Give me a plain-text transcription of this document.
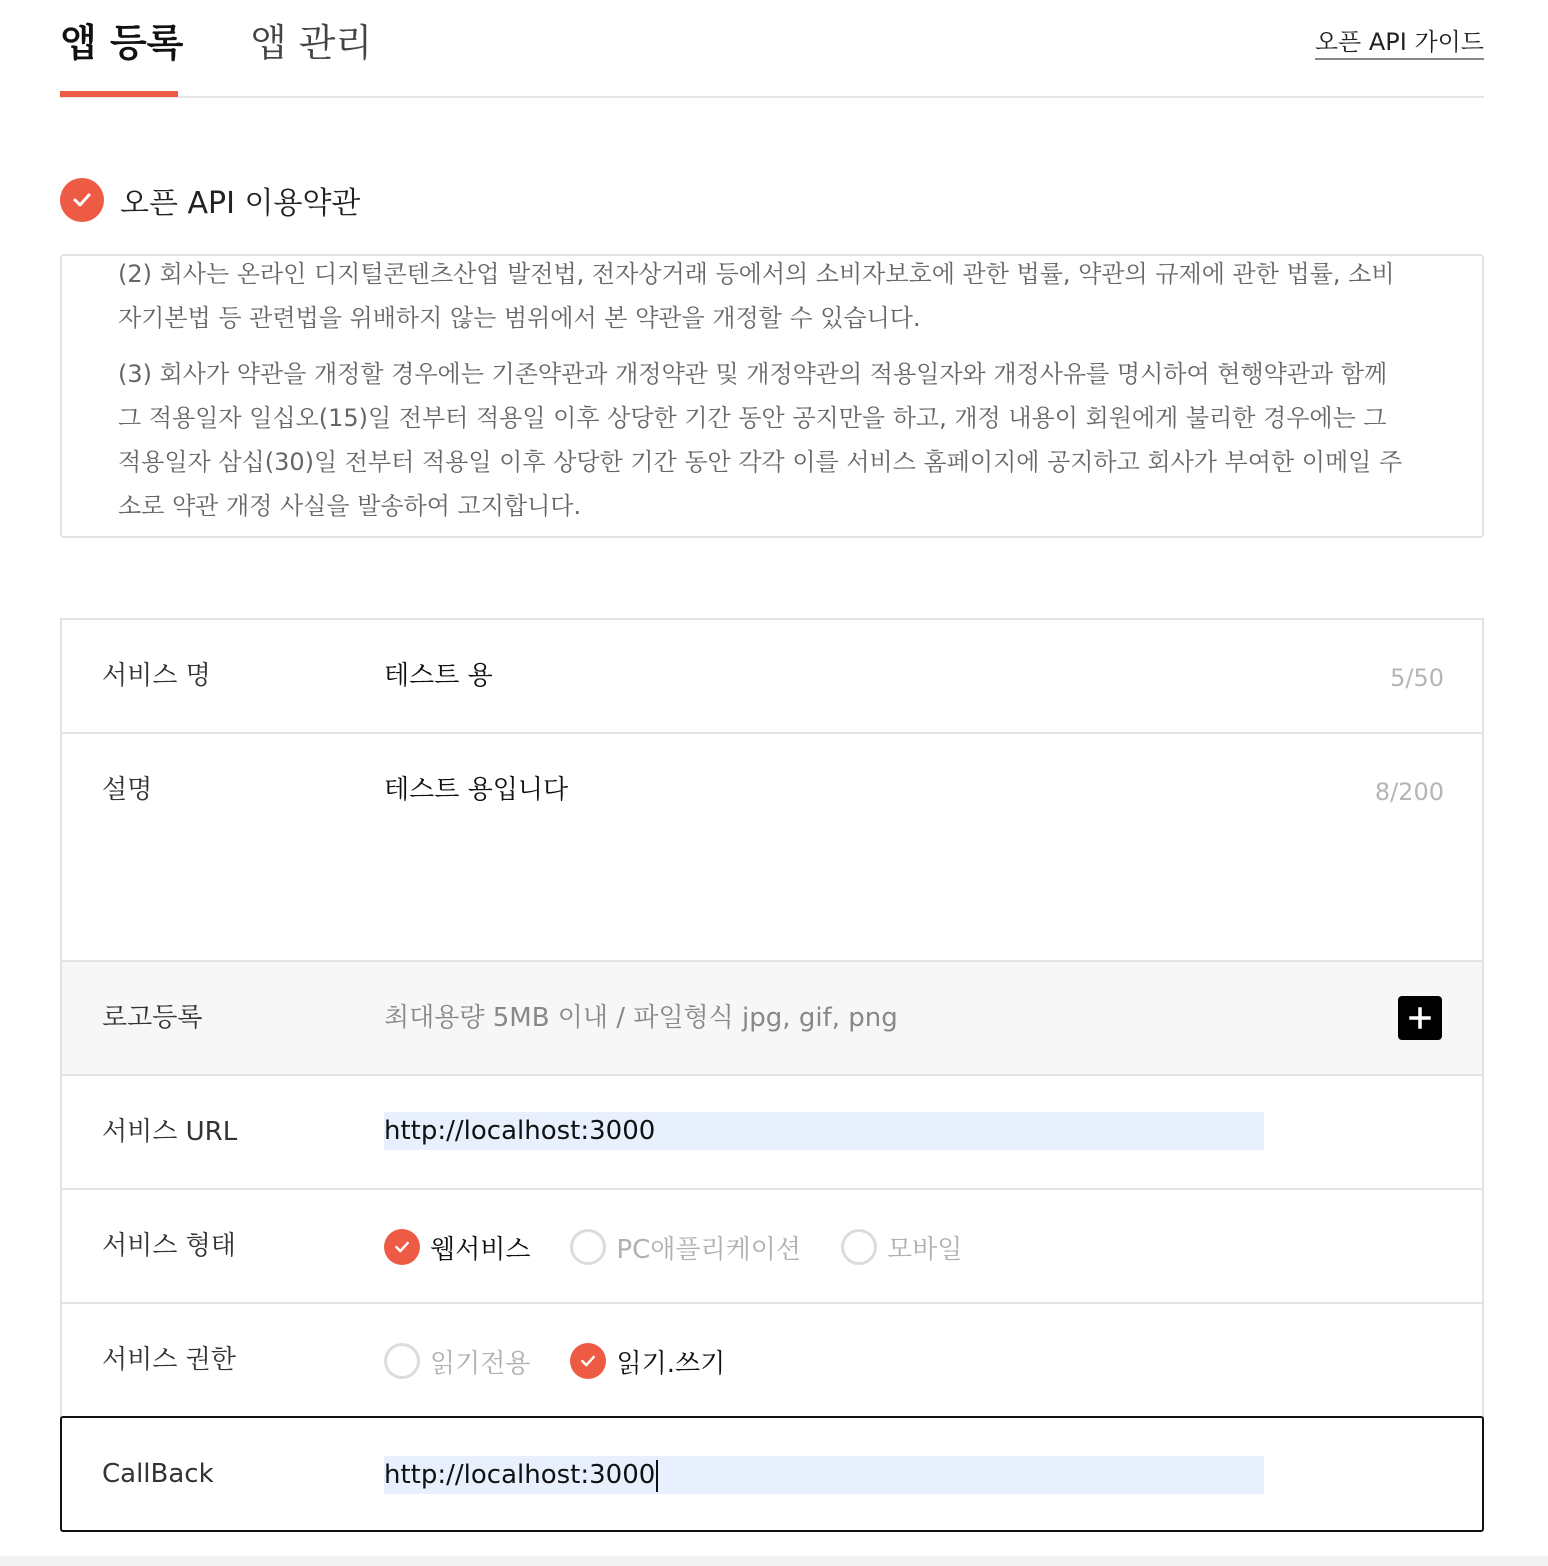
앱 등록 앱 관리	오픈 API 가이드
오픈 API 이용약관

(2) 회사는 온라인 디지털콘텐츠산업 발전법, 전자상거래 등에서의 소비자보호에 관한 법률, 약관의 규제에 관한 법률, 소비자기본법 등 관련법을 위배하지 않는 범위에서 본 약관을 개정할 수 있습니다.

(3) 회사가 약관을 개정할 경우에는 기존약관과 개정약관 및 개정약관의 적용일자와 개정사유를 명시하여 현행약관과 함께 그 적용일자 일십오(15)일 전부터 적용일 이후 상당한 기간 동안 공지만을 하고, 개정 내용이 회원에게 불리한 경우에는 그 적용일자 삼십(30)일 전부터 적용일 이후 상당한 기간 동안 각각 이를 서비스 홈페이지에 공지하고 회사가 부여한 이메일 주소로 약관 개정 사실을 발송하여 고지합니다.

서비스 명	테스트 용	5/50
설명	테스트 용입니다	8/200
로고등록	최대용량 5MB 이내 / 파일형식 jpg, gif, png
서비스 URL	http://localhost:3000
서비스 형태	웹서비스	PC애플리케이션	모바일
서비스 권한	읽기전용	읽기.쓰기
CallBack	http://localhost:3000
